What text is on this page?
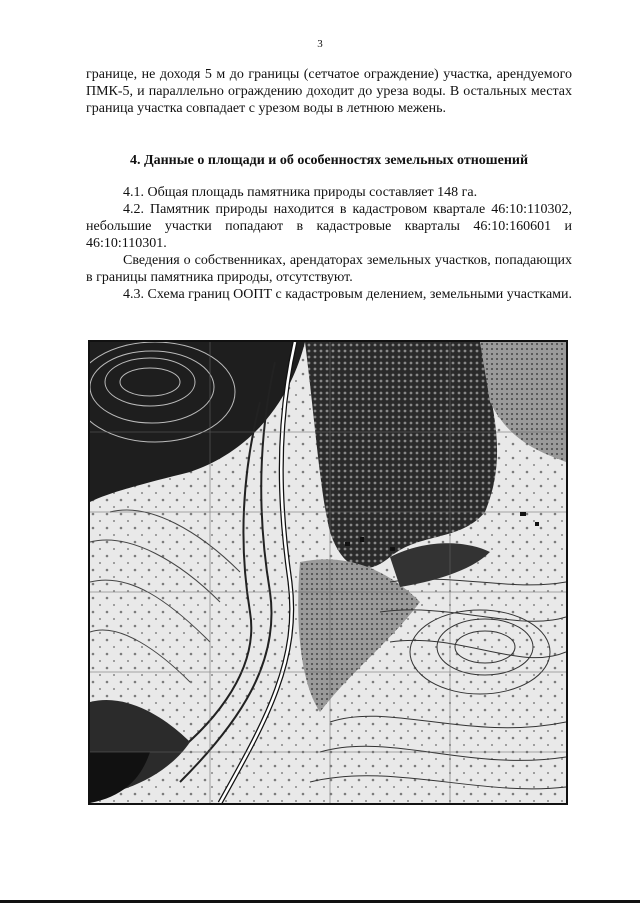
3

границе, не доходя 5 м до границы (сетчатое ограждение) участка, арендуемого ПМК-5, и параллельно ограждению доходит до уреза воды. В остальных местах граница участка совпадает с урезом воды в летнюю межень.

4. Данные о площади и об особенностях земельных отношений

4.1. Общая площадь памятника природы составляет 148 га.

4.2. Памятник природы находится в кадастровом квартале 46:10:110302, небольшие участки попадают в кадастровые кварталы 46:10:160601 и 46:10:110301.

Сведения о собственниках, арендаторах земельных участков, попадающих в границы памятника природы, отсутствуют.

4.3. Схема границ ООПТ с кадастровым делением, земельными участками.
